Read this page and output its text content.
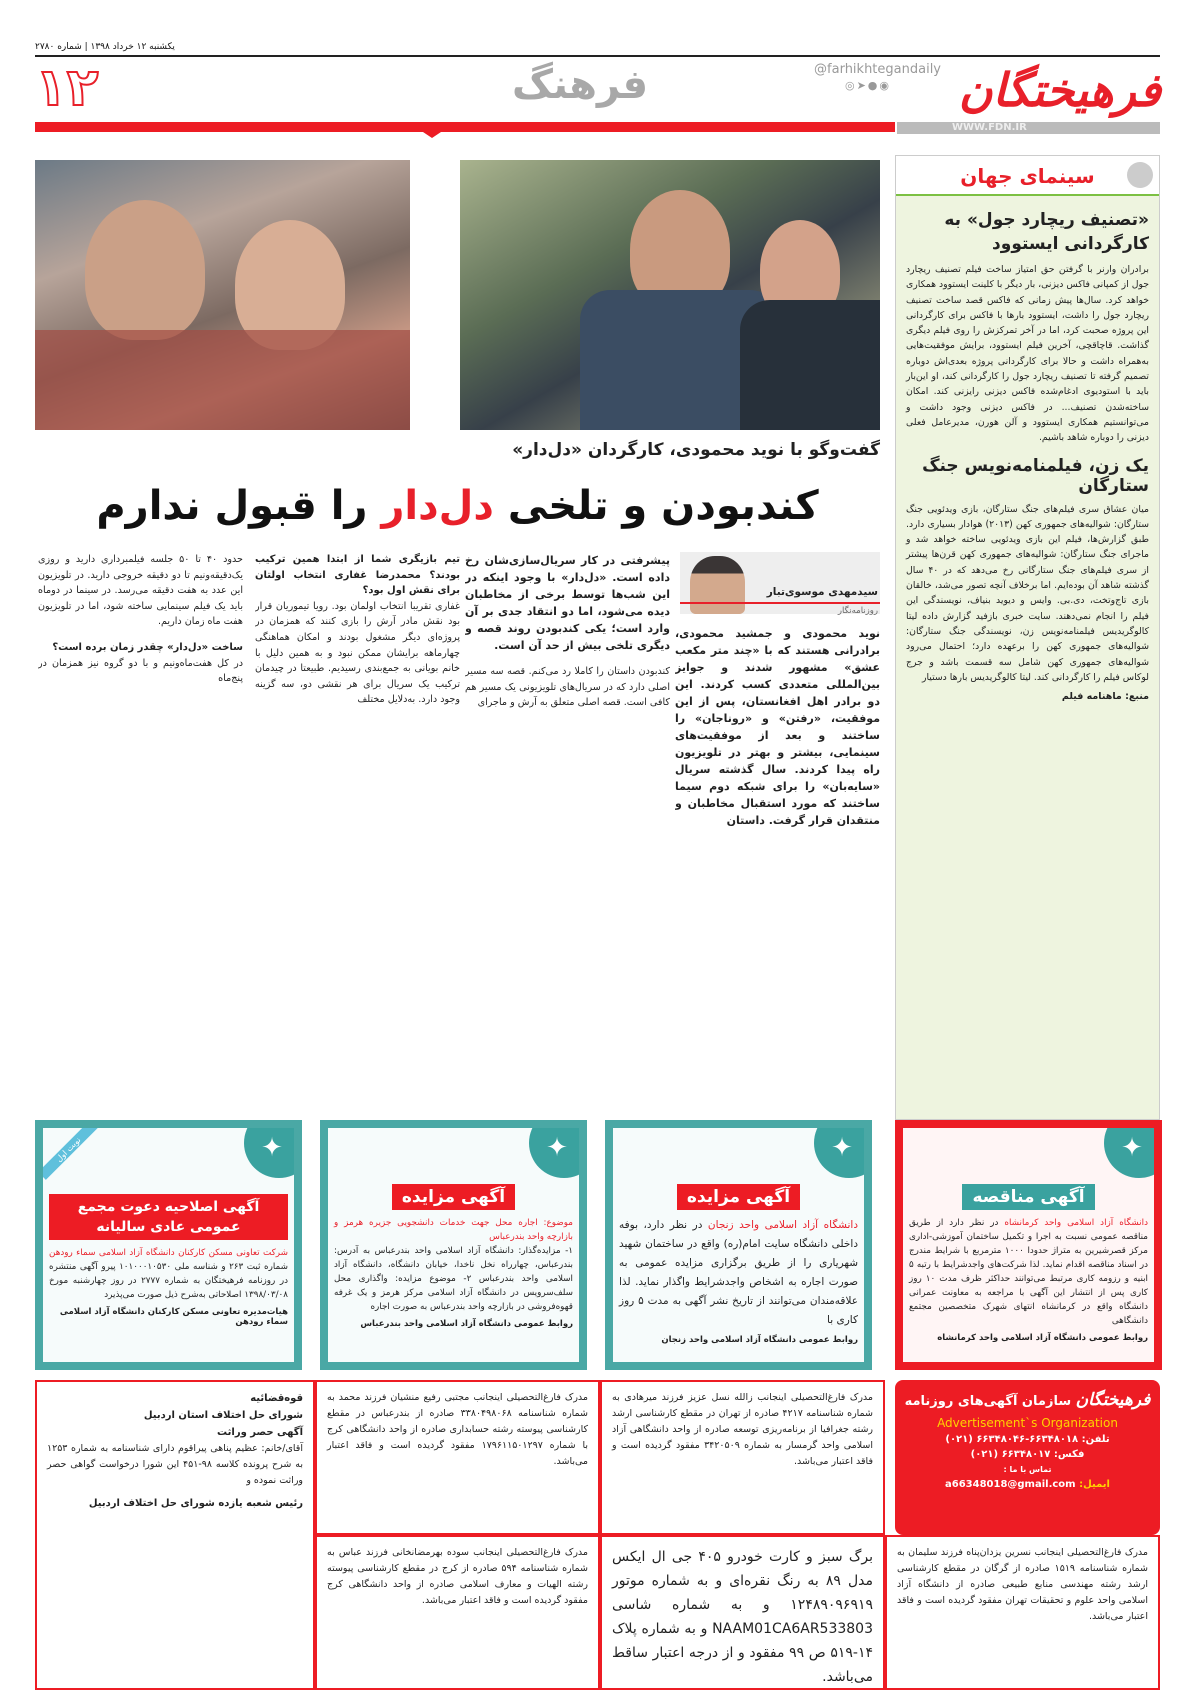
یکشنبه ۱۲ خرداد ۱۳۹۸ | شماره ۲۷۸۰
فرهیختگان
@farhikhtegandaily
◎➤●◉
فرهنگ
۱۲
WWW.FDN.IR
سینمای جهان
«تصنیف ریچارد جول» به کارگردانی ایستوود
برادران وارنر با گرفتن حق امتیاز ساخت فیلم تصنیف ریچارد جول از کمپانی فاکس دیزنی، بار دیگر با کلینت ایستوود همکاری خواهد کرد. سال‌ها پیش زمانی که فاکس قصد ساخت تصنیف ریچارد جول را داشت، ایستوود بارها با فاکس برای کارگردانی این پروژه صحبت کرد، اما در آخر تمرکزش را روی فیلم دیگری گذاشت. قاچاقچی، آخرین فیلم ایستوود، برایش موفقیت‌هایی به‌همراه داشت و حالا برای کارگردانی پروژه بعدی‌اش دوباره تصمیم گرفته تا تصنیف ریچارد جول را کارگردانی کند، او این‌بار باید با استودیوی ادغام‌شده فاکس دیزنی رایزنی کند. امکان ساخته‌شدن تصنیف... در فاکس دیزنی وجود داشت و می‌توانستیم همکاری ایستوود و آلن هورن، مدیرعامل فعلی دیزنی را دوباره شاهد باشیم.
یک زن، فیلمنامه‌نویس جنگ ستارگان
میان عشاق سری فیلم‌های جنگ ستارگان، بازی ویدئویی جنگ ستارگان: شوالیه‌های جمهوری کهن (۲۰۱۳) هوادار بسیاری دارد. طبق گزارش‌ها، فیلم این بازی ویدئویی ساخته خواهد شد و ماجرای جنگ ستارگان: شوالیه‌های جمهوری کهن قرن‌ها پیشتر از سری فیلم‌های جنگ ستارگانی رخ می‌دهد که در ۴۰ سال گذشته شاهد آن بوده‌ایم. اما برخلاف آنچه تصور می‌شد، خالقان بازی تاج‌وتخت، دی.بی. وایس و دیوید بنیاف، نویسندگی این فیلم را انجام نمی‌دهند. سایت خبری بازفید گزارش داده لیتا کالوگریدیس فیلمنامه‌نویس زن، نویسندگی جنگ ستارگان: شوالیه‌های جمهوری کهن را برعهده دارد؛ احتمال می‌رود شوالیه‌های جمهوری کهن شامل سه قسمت باشد و جرج لوکاس فیلم را کارگردانی کند. لیتا کالوگریدیس بارها دستیار
منبع: ماهنامه فیلم
گفت‌وگو با نوید محمودی، کارگردان «دل‌دار»
کندبودن و تلخی دل‌دار را قبول ندارم
سیدمهدی موسوی‌تبار
روزنامه‌نگار

نوید محمودی و جمشید محمودی، برادرانی هستند که با «چند متر مکعب عشق» مشهور شدند و جوایز بین‌المللی متعددی کسب کردند. این دو برادر اهل افغانستان، پس از این موفقیت، «رفتن» و «روناجان» را ساختند و بعد از موفقیت‌های سینمایی، بیشتر و بهتر در تلویزیون راه پیدا کردند. سال گذشته سریال «سایه‌بان» را برای شبکه دوم سیما ساختند که مورد استقبال مخاطبان و منتقدان قرار گرفت. داستان

پیشرفتی در کار سریال‌سازی‌شان رخ داده است. «دل‌دار» با وجود اینکه در این شب‌ها توسط برخی از مخاطبان دیده می‌شود، اما دو انتقاد جدی بر آن وارد است؛ یکی کندبودن روند قصه و دیگری تلخی بیش از حد آن است.

کندبودن داستان را کاملا رد می‌کنم. قصه سه مسیر اصلی دارد که در سریال‌های تلویزیونی یک مسیر هم کافی است. قصه اصلی متعلق به آرش و ماجرای

تیم بازیگری شما از ابتدا همین ترکیب بودند؟ محمدرضا غفاری انتخاب اولتان برای نقش اول بود؟

غفاری تقریبا انتخاب اولمان بود. رویا تیموریان قرار بود نقش مادر آرش را بازی کنند که همزمان در پروژه‌ای دیگر مشغول بودند و امکان هماهنگی چهارماهه برایشان ممکن نبود و به همین دلیل با خانم بویانی به جمع‌بندی رسیدیم. طبیعتا در چیدمان ترکیب یک سریال برای هر نقشی دو، سه گزینه وجود دارد. به‌دلایل مختلف

حدود ۴۰ تا ۵۰ جلسه فیلمبرداری دارید و روزی یک‌دقیقه‌ونیم تا دو دقیقه خروجی دارید. در تلویزیون این عدد به هفت دقیقه می‌رسد. در سینما در دوماه باید یک فیلم سینمایی ساخته شود، اما در تلویزیون هفت ماه زمان داریم.

ساخت «دل‌دار» چقدر زمان برده است؟

در کل هفت‌ماه‌ونیم و با دو گروه نیز همزمان در پنج‌ماه

✦
آگهی مناقصه
دانشگاه آزاد اسلامی واحد کرمانشاه در نظر دارد از طریق مناقصه عمومی نسبت به اجرا و تکمیل ساختمان آموزشی-اداری مرکز قصرشیرین به متراژ حدودا ۱۰۰۰ مترمربع با شرایط مندرج در اسناد مناقصه اقدام نماید. لذا شرکت‌های واجدشرایط با رتبه ۵ ابنیه و رزومه کاری مرتبط می‌توانند حداکثر ظرف مدت ۱۰ روز کاری پس از انتشار این آگهی با مراجعه به معاونت عمرانی دانشگاه واقع در کرمانشاه انتهای شهرک متخصصین مجتمع دانشگاهی
روابط عمومی دانشگاه آزاد اسلامی واحد کرمانشاه
✦
آگهی مزایده
دانشگاه آزاد اسلامی واحد زنجان در نظر دارد، بوفه داخلی دانشگاه سایت امام(ره) واقع در ساختمان شهید شهریاری را از طریق برگزاری مزایده عمومی به صورت اجاره به اشخاص واجدشرایط واگذار نماید. لذا علاقه‌مندان می‌توانند از تاریخ نشر آگهی به مدت ۵ روز کاری با
روابط عمومی دانشگاه آزاد اسلامی واحد زنجان
✦
آگهی مزایده
موضوع: اجاره محل جهت خدمات دانشجویی جزیره هرمز و بازارچه واحد بندرعباس
۱- مزایده‌گذار: دانشگاه آزاد اسلامی واحد بندرعباس به آدرس: بندرعباس، چهارراه نخل ناخدا، خیابان دانشگاه، دانشگاه آزاد اسلامی واحد بندرعباس ۲- موضوع مزایده: واگذاری محل سلف‌سرویس در دانشگاه آزاد اسلامی مرکز هرمز و یک غرفه قهوه‌فروشی در بازارچه واحد بندرعباس به صورت اجاره
روابط عمومی دانشگاه آزاد اسلامی واحد بندرعباس
✦
نوبت اول
آگهی اصلاحیه دعوت مجمع عمومی عادی سالیانه
شرکت تعاونی مسکن کارکنان دانشگاه آزاد اسلامی سماء رودهن شماره ثبت ۲۶۳ و شناسه ملی ۱۰۱۰۰۰۱۰۵۳۰ پیرو آگهی منتشره در روزنامه فرهیختگان به شماره ۲۷۷۷ در روز چهارشنبه مورخ ۱۳۹۸/۰۳/۰۸ اصلاحاتی به‌شرح ذیل صورت می‌پذیرد
هیات‌مدیره تعاونی مسکن کارکنان دانشگاه آزاد اسلامی سماء رودهن
فرهیختگان سازمان آگهی‌های روزنامه
Advertisement`s Organization
تلفن: ۶۶۳۴۸۰۱۸-۶۶۳۴۸۰۴۶ (۰۲۱)
فکس: ۶۶۳۴۸۰۱۷ (۰۲۱)
تماس با ما :
ایمیل: a66348018@gmail.com
مدرک فارغ‌التحصیلی اینجانب زالله نسل عزیز فرزند میرهادی به شماره شناسنامه ۴۲۱۷ صادره از تهران در مقطع کارشناسی ارشد رشته جغرافیا از برنامه‌ریزی توسعه صادره از واحد دانشگاهی آزاد اسلامی واحد گرمسار به شماره ۳۴۲۰۵۰۹ مفقود گردیده است و فاقد اعتبار می‌باشد.
مدرک فارغ‌التحصیلی اینجانب مجتبی رفیع منشیان فرزند محمد به شماره شناسنامه ۳۳۸۰۴۹۸۰۶۸ صادره از بندرعباس در مقطع کارشناسی پیوسته رشته حسابداری صادره از واحد دانشگاهی کرج با شماره ۱۷۹۶۱۱۵۰۱۲۹۷ مفقود گردیده است و فاقد اعتبار می‌باشد.
قوه‌قضائیه
شورای حل اختلاف استان اردبیل
آگهی حصر وراثت

آقای/خانم: عظیم پناهی پیراقوم دارای شناسنامه به شماره ۱۲۵۳ به شرح پرونده کلاسه ۹۸-۴۵۱ این شورا درخواست گواهی حصر وراثت نموده و

رئیس شعبه یازده شورای حل اختلاف اردبیل
مدرک فارغ‌التحصیلی اینجانب نسرین یزدان‌پناه فرزند سلیمان به شماره شناسنامه ۱۵۱۹ صادره از گرگان در مقطع کارشناسی ارشد رشته مهندسی منابع طبیعی صادره از دانشگاه آزاد اسلامی واحد علوم و تحقیقات تهران مفقود گردیده است و فاقد اعتبار می‌باشد.
برگ سبز و کارت خودرو ۴۰۵ جی ال ایکس مدل ۸۹ به رنگ نقره‌ای و به شماره موتور ۱۲۴۸۹۰۹۶۹۱۹ و به شماره شاسی NAAM01CA6AR533803 و به شماره پلاک ۱۴-۵۱۹ ص ۹۹ مفقود و از درجه اعتبار ساقط می‌باشد.
مدرک فارغ‌التحصیلی اینجانب سوده بهرمضانخانی فرزند عباس به شماره شناسنامه ۵۹۴ صادره از کرج در مقطع کارشناسی پیوسته رشته الهیات و معارف اسلامی صادره از واحد دانشگاهی کرج مفقود گردیده است و فاقد اعتبار می‌باشد.
